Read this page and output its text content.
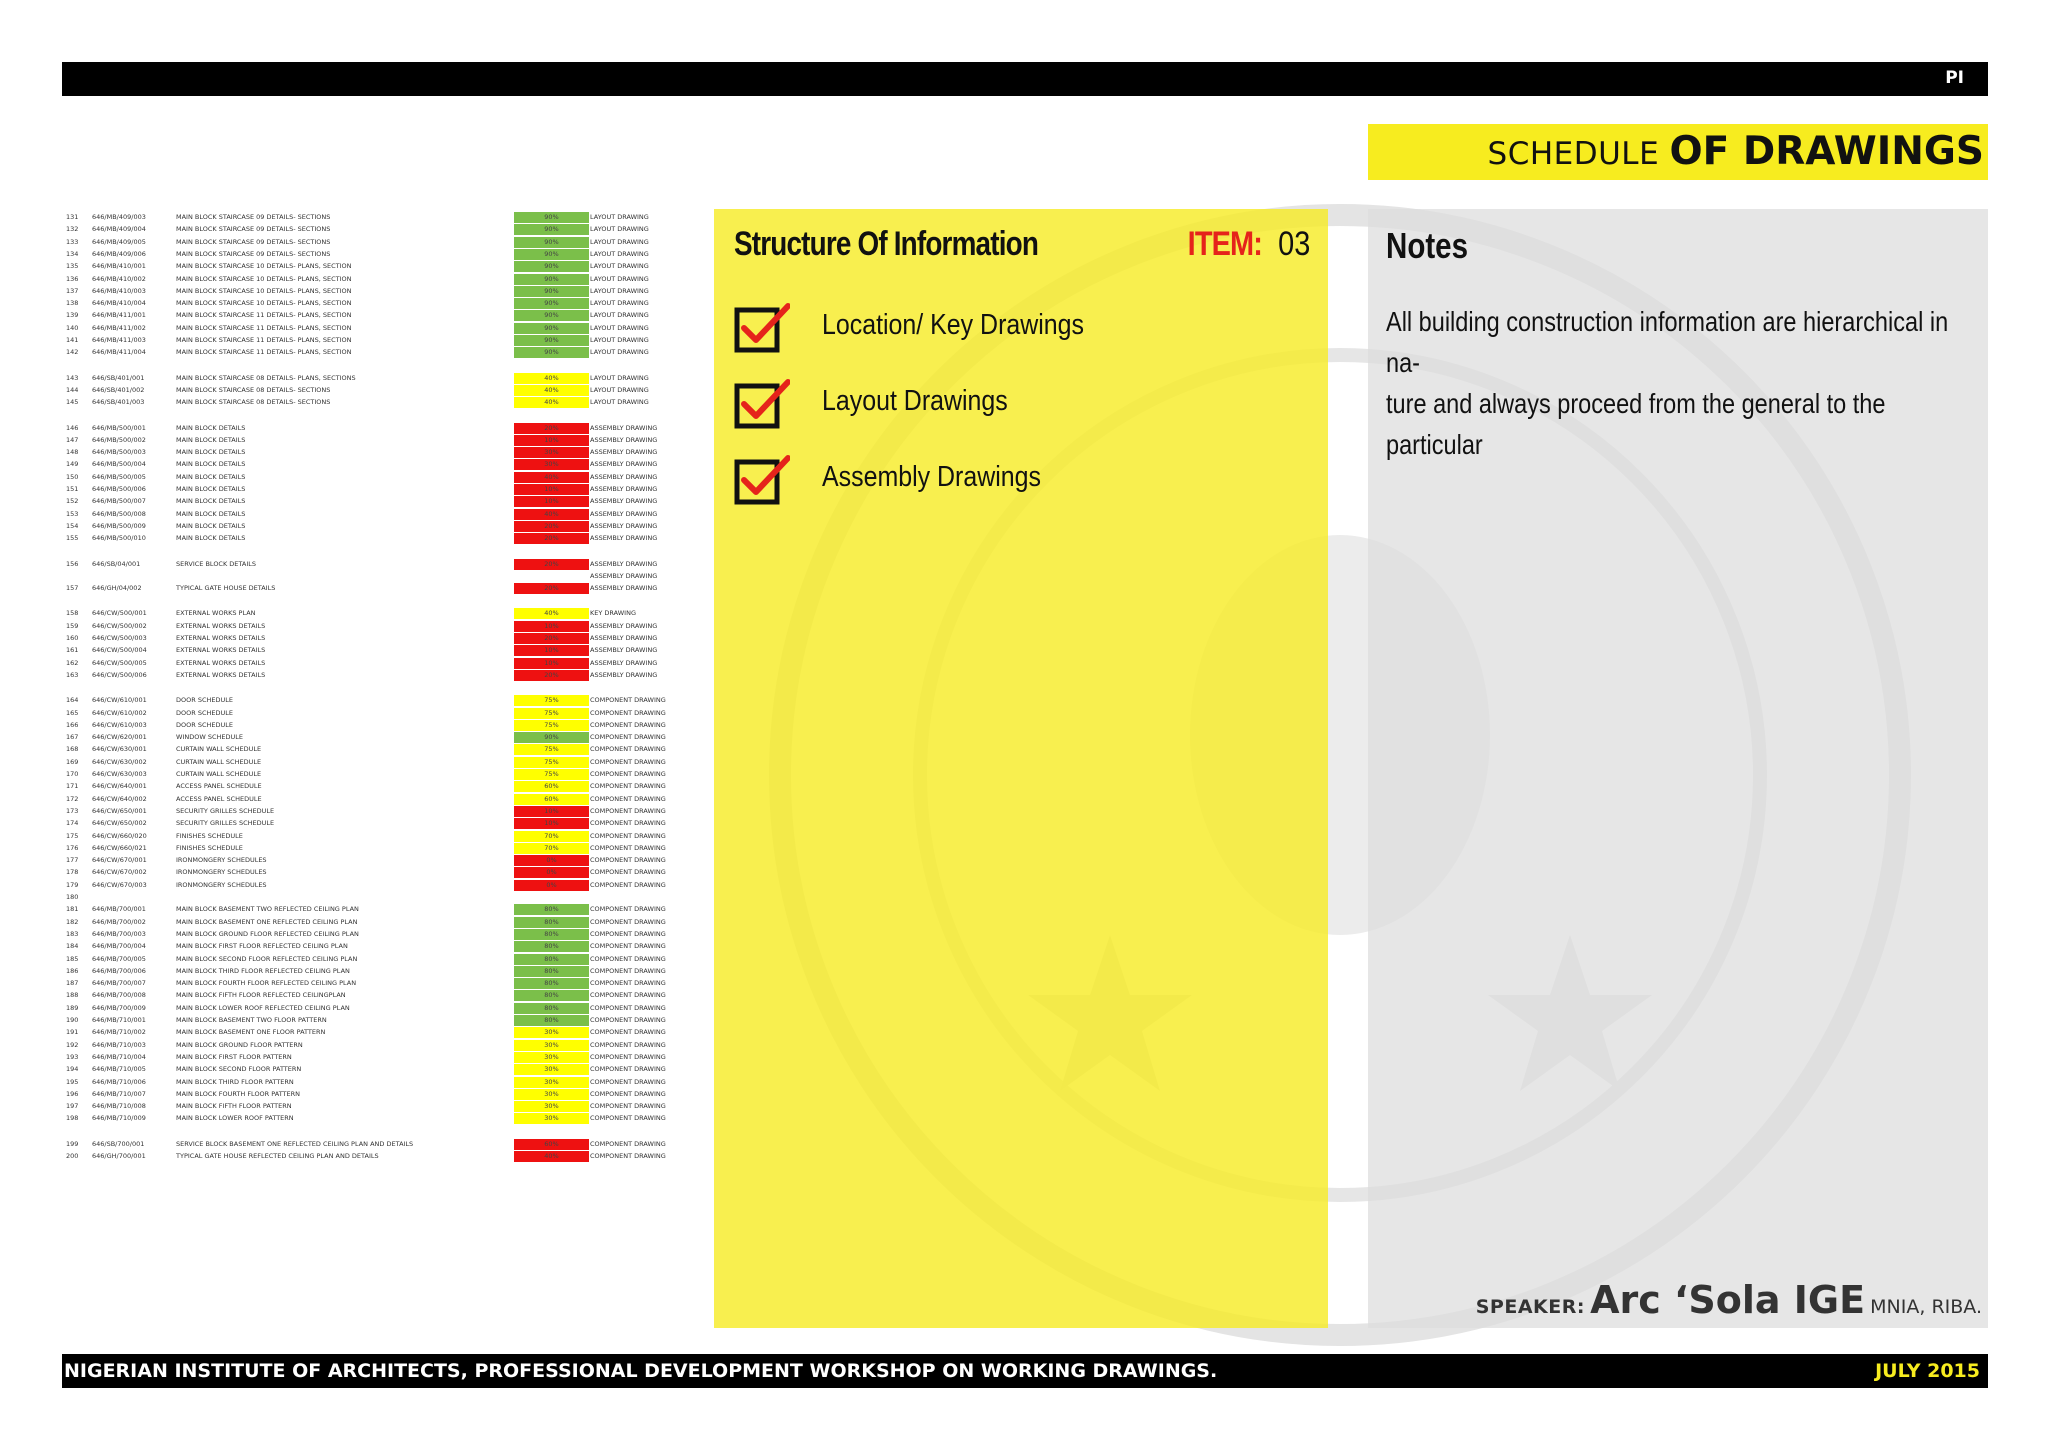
PI
SCHEDULE OF DRAWINGS
131	646/MB/409/003	MAIN BLOCK STAIRCASE 09 DETAILS- SECTIONS	90%	LAYOUT DRAWING
132	646/MB/409/004	MAIN BLOCK STAIRCASE 09 DETAILS- SECTIONS	90%	LAYOUT DRAWING
133	646/MB/409/005	MAIN BLOCK STAIRCASE 09 DETAILS- SECTIONS	90%	LAYOUT DRAWING
134	646/MB/409/006	MAIN BLOCK STAIRCASE 09 DETAILS- SECTIONS	90%	LAYOUT DRAWING
135	646/MB/410/001	MAIN BLOCK STAIRCASE 10 DETAILS- PLANS, SECTION	90%	LAYOUT DRAWING
136	646/MB/410/002	MAIN BLOCK STAIRCASE 10 DETAILS- PLANS, SECTION	90%	LAYOUT DRAWING
137	646/MB/410/003	MAIN BLOCK STAIRCASE 10 DETAILS- PLANS, SECTION	90%	LAYOUT DRAWING
138	646/MB/410/004	MAIN BLOCK STAIRCASE 10 DETAILS- PLANS, SECTION	90%	LAYOUT DRAWING
139	646/MB/411/001	MAIN BLOCK STAIRCASE 11 DETAILS- PLANS, SECTION	90%	LAYOUT DRAWING
140	646/MB/411/002	MAIN BLOCK STAIRCASE 11 DETAILS- PLANS, SECTION	90%	LAYOUT DRAWING
141	646/MB/411/003	MAIN BLOCK STAIRCASE 11 DETAILS- PLANS, SECTION	90%	LAYOUT DRAWING
142	646/MB/411/004	MAIN BLOCK STAIRCASE 11 DETAILS- PLANS, SECTION	90%	LAYOUT DRAWING
143	646/SB/401/001	MAIN BLOCK STAIRCASE 08 DETAILS- PLANS, SECTIONS	40%	LAYOUT DRAWING
144	646/SB/401/002	MAIN BLOCK STAIRCASE 08 DETAILS- SECTIONS	40%	LAYOUT DRAWING
145	646/SB/401/003	MAIN BLOCK STAIRCASE 08 DETAILS- SECTIONS	40%	LAYOUT DRAWING
146	646/MB/500/001	MAIN BLOCK DETAILS	20%	ASSEMBLY DRAWING
147	646/MB/500/002	MAIN BLOCK DETAILS	10%	ASSEMBLY DRAWING
148	646/MB/500/003	MAIN BLOCK DETAILS	30%	ASSEMBLY DRAWING
149	646/MB/500/004	MAIN BLOCK DETAILS	30%	ASSEMBLY DRAWING
150	646/MB/500/005	MAIN BLOCK DETAILS	40%	ASSEMBLY DRAWING
151	646/MB/500/006	MAIN BLOCK DETAILS	10%	ASSEMBLY DRAWING
152	646/MB/500/007	MAIN BLOCK DETAILS	10%	ASSEMBLY DRAWING
153	646/MB/500/008	MAIN BLOCK DETAILS	40%	ASSEMBLY DRAWING
154	646/MB/500/009	MAIN BLOCK DETAILS	20%	ASSEMBLY DRAWING
155	646/MB/500/010	MAIN BLOCK DETAILS	20%	ASSEMBLY DRAWING
156	646/SB/04/001	SERVICE BLOCK DETAILS	20%	ASSEMBLY DRAWING
ASSEMBLY DRAWING
157	646/GH/04/002	TYPICAL GATE HOUSE DETAILS	20%	ASSEMBLY DRAWING
158	646/CW/500/001	EXTERNAL WORKS PLAN	40%	KEY DRAWING
159	646/CW/500/002	EXTERNAL WORKS DETAILS	10%	ASSEMBLY DRAWING
160	646/CW/500/003	EXTERNAL WORKS DETAILS	20%	ASSEMBLY DRAWING
161	646/CW/500/004	EXTERNAL WORKS DETAILS	10%	ASSEMBLY DRAWING
162	646/CW/500/005	EXTERNAL WORKS DETAILS	10%	ASSEMBLY DRAWING
163	646/CW/500/006	EXTERNAL WORKS DETAILS	20%	ASSEMBLY DRAWING
164	646/CW/610/001	DOOR SCHEDULE	75%	COMPONENT DRAWING
165	646/CW/610/002	DOOR SCHEDULE	75%	COMPONENT DRAWING
166	646/CW/610/003	DOOR SCHEDULE	75%	COMPONENT DRAWING
167	646/CW/620/001	WINDOW SCHEDULE	90%	COMPONENT DRAWING
168	646/CW/630/001	CURTAIN WALL SCHEDULE	75%	COMPONENT DRAWING
169	646/CW/630/002	CURTAIN WALL SCHEDULE	75%	COMPONENT DRAWING
170	646/CW/630/003	CURTAIN WALL SCHEDULE	75%	COMPONENT DRAWING
171	646/CW/640/001	ACCESS PANEL SCHEDULE	60%	COMPONENT DRAWING
172	646/CW/640/002	ACCESS PANEL SCHEDULE	60%	COMPONENT DRAWING
173	646/CW/650/001	SECURITY GRILLES SCHEDULE	10%	COMPONENT DRAWING
174	646/CW/650/002	SECURITY GRILLES SCHEDULE	10%	COMPONENT DRAWING
175	646/CW/660/020	FINISHES SCHEDULE	70%	COMPONENT DRAWING
176	646/CW/660/021	FINISHES SCHEDULE	70%	COMPONENT DRAWING
177	646/CW/670/001	IRONMONGERY SCHEDULES	0%	COMPONENT DRAWING
178	646/CW/670/002	IRONMONGERY SCHEDULES	0%	COMPONENT DRAWING
179	646/CW/670/003	IRONMONGERY SCHEDULES	0%	COMPONENT DRAWING
180
181	646/MB/700/001	MAIN BLOCK BASEMENT TWO REFLECTED CEILING PLAN	80%	COMPONENT DRAWING
182	646/MB/700/002	MAIN BLOCK BASEMENT ONE REFLECTED CEILING PLAN	80%	COMPONENT DRAWING
183	646/MB/700/003	MAIN BLOCK GROUND FLOOR REFLECTED CEILING PLAN	80%	COMPONENT DRAWING
184	646/MB/700/004	MAIN BLOCK FIRST FLOOR REFLECTED CEILING PLAN	80%	COMPONENT DRAWING
185	646/MB/700/005	MAIN BLOCK SECOND FLOOR REFLECTED CEILING PLAN	80%	COMPONENT DRAWING
186	646/MB/700/006	MAIN BLOCK THIRD FLOOR REFLECTED CEILING PLAN	80%	COMPONENT DRAWING
187	646/MB/700/007	MAIN BLOCK FOURTH FLOOR REFLECTED CEILING PLAN	80%	COMPONENT DRAWING
188	646/MB/700/008	MAIN BLOCK FIFTH FLOOR REFLECTED CEILINGPLAN	80%	COMPONENT DRAWING
189	646/MB/700/009	MAIN BLOCK LOWER ROOF REFLECTED CEILING PLAN	80%	COMPONENT DRAWING
190	646/MB/710/001	MAIN BLOCK BASEMENT TWO FLOOR PATTERN	80%	COMPONENT DRAWING
191	646/MB/710/002	MAIN BLOCK BASEMENT ONE FLOOR PATTERN	30%	COMPONENT DRAWING
192	646/MB/710/003	MAIN BLOCK GROUND FLOOR PATTERN	30%	COMPONENT DRAWING
193	646/MB/710/004	MAIN BLOCK FIRST FLOOR PATTERN	30%	COMPONENT DRAWING
194	646/MB/710/005	MAIN BLOCK SECOND FLOOR PATTERN	30%	COMPONENT DRAWING
195	646/MB/710/006	MAIN BLOCK THIRD FLOOR PATTERN	30%	COMPONENT DRAWING
196	646/MB/710/007	MAIN BLOCK FOURTH FLOOR PATTERN	30%	COMPONENT DRAWING
197	646/MB/710/008	MAIN BLOCK FIFTH FLOOR PATTERN	30%	COMPONENT DRAWING
198	646/MB/710/009	MAIN BLOCK LOWER ROOF PATTERN	30%	COMPONENT DRAWING
199	646/SB/700/001	SERVICE BLOCK BASEMENT ONE REFLECTED CEILING PLAN AND DETAILS	60%	COMPONENT DRAWING
200	646/GH/700/001	TYPICAL GATE HOUSE REFLECTED CEILING PLAN AND DETAILS	40%	COMPONENT DRAWING
Structure Of Information	ITEM: 03
Location/ Key Drawings
Layout Drawings
Assembly Drawings
Notes
All building construction information are hierarchical in na-
ture and always proceed from the general to the particular
SPEAKER: Arc ‘Sola IGE MNIA, RIBA.
NIGERIAN INSTITUTE OF ARCHITECTS, PROFESSIONAL DEVELOPMENT WORKSHOP ON WORKING DRAWINGS.	JULY 2015
